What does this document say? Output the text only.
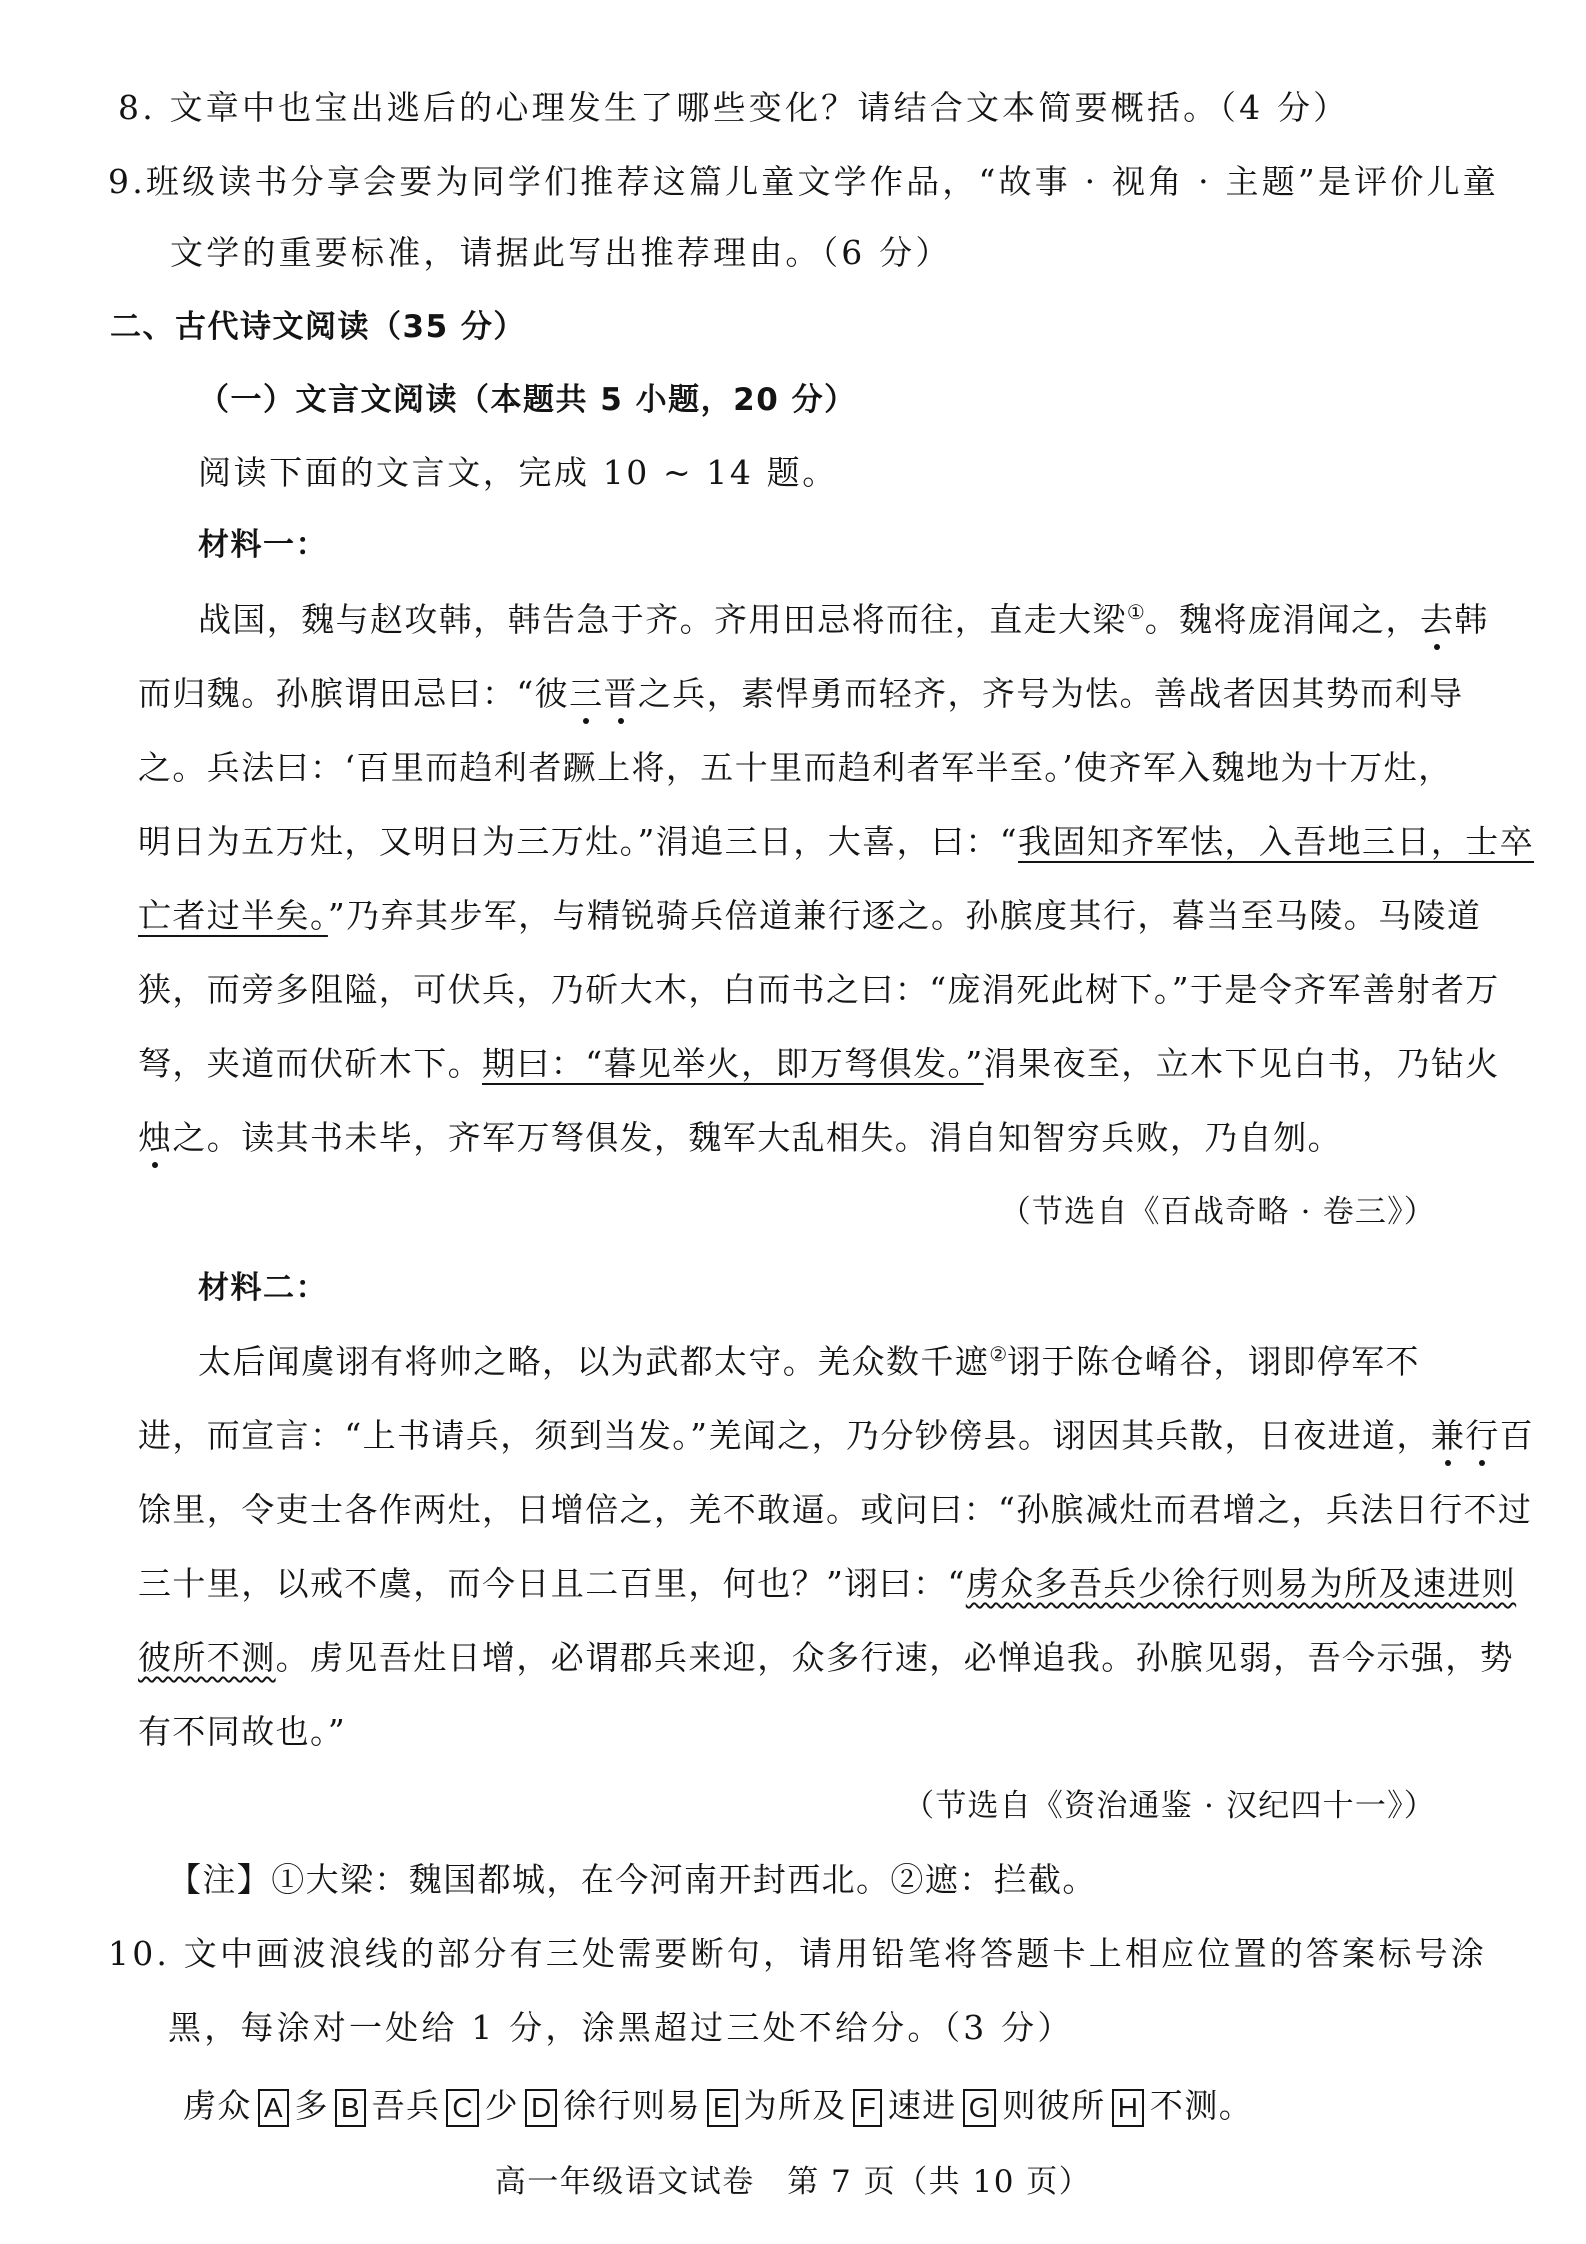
8. 文章中也宝出逃后的心理发生了哪些变化？请结合文本简要概括。（4 分）
9.班级读书分享会要为同学们推荐这篇儿童文学作品，“故事 · 视角 · 主题”是评价儿童
文学的重要标准，请据此写出推荐理由。（6 分）
二、古代诗文阅读（35 分）
（一）文言文阅读（本题共 5 小题，20 分）
阅读下面的文言文，完成 10 ~ 14 题。
材料一：
战国，魏与赵攻韩，韩告急于齐。齐用田忌将而往，直走大梁①。魏将庞涓闻之，去韩
而归魏。孙膑谓田忌曰：“彼三晋之兵，素悍勇而轻齐，齐号为怯。善战者因其势而利导
之。兵法曰：‘百里而趋利者蹶上将，五十里而趋利者军半至。’使齐军入魏地为十万灶，
明日为五万灶，又明日为三万灶。”涓追三日，大喜，曰：“我固知齐军怯，入吾地三日，士卒
亡者过半矣。”乃弃其步军，与精锐骑兵倍道兼行逐之。孙膑度其行，暮当至马陵。马陵道
狭，而旁多阻隘，可伏兵，乃斫大木，白而书之曰：“庞涓死此树下。”于是令齐军善射者万
弩，夹道而伏斫木下。期曰：“暮见举火，即万弩俱发。”涓果夜至，立木下见白书，乃钻火
烛之。读其书未毕，齐军万弩俱发，魏军大乱相失。涓自知智穷兵败，乃自刎。
（节选自《百战奇略 · 卷三》）
材料二：
太后闻虞诩有将帅之略，以为武都太守。羌众数千遮②诩于陈仓崤谷，诩即停军不
进，而宣言：“上书请兵，须到当发。”羌闻之，乃分钞傍县。诩因其兵散，日夜进道，兼行百
馀里，令吏士各作两灶，日增倍之，羌不敢逼。或问曰：“孙膑减灶而君增之，兵法日行不过
三十里，以戒不虞，而今日且二百里，何也？”诩曰：“虏众多吾兵少徐行则易为所及速进则
彼所不测。虏见吾灶日增，必谓郡兵来迎，众多行速，必惮追我。孙膑见弱，吾今示强，势
有不同故也。”
（节选自《资治通鉴 · 汉纪四十一》）
【注】①大梁：魏国都城，在今河南开封西北。②遮：拦截。
10. 文中画波浪线的部分有三处需要断句，请用铅笔将答题卡上相应位置的答案标号涂
黑，每涂对一处给 1 分，涂黑超过三处不给分。（3 分）
虏众 A 多 B 吾兵 C 少 D 徐行则易 E 为所及 F 速进 G 则彼所 H 不测。
高一年级语文试卷　第 7 页（共 10 页）
